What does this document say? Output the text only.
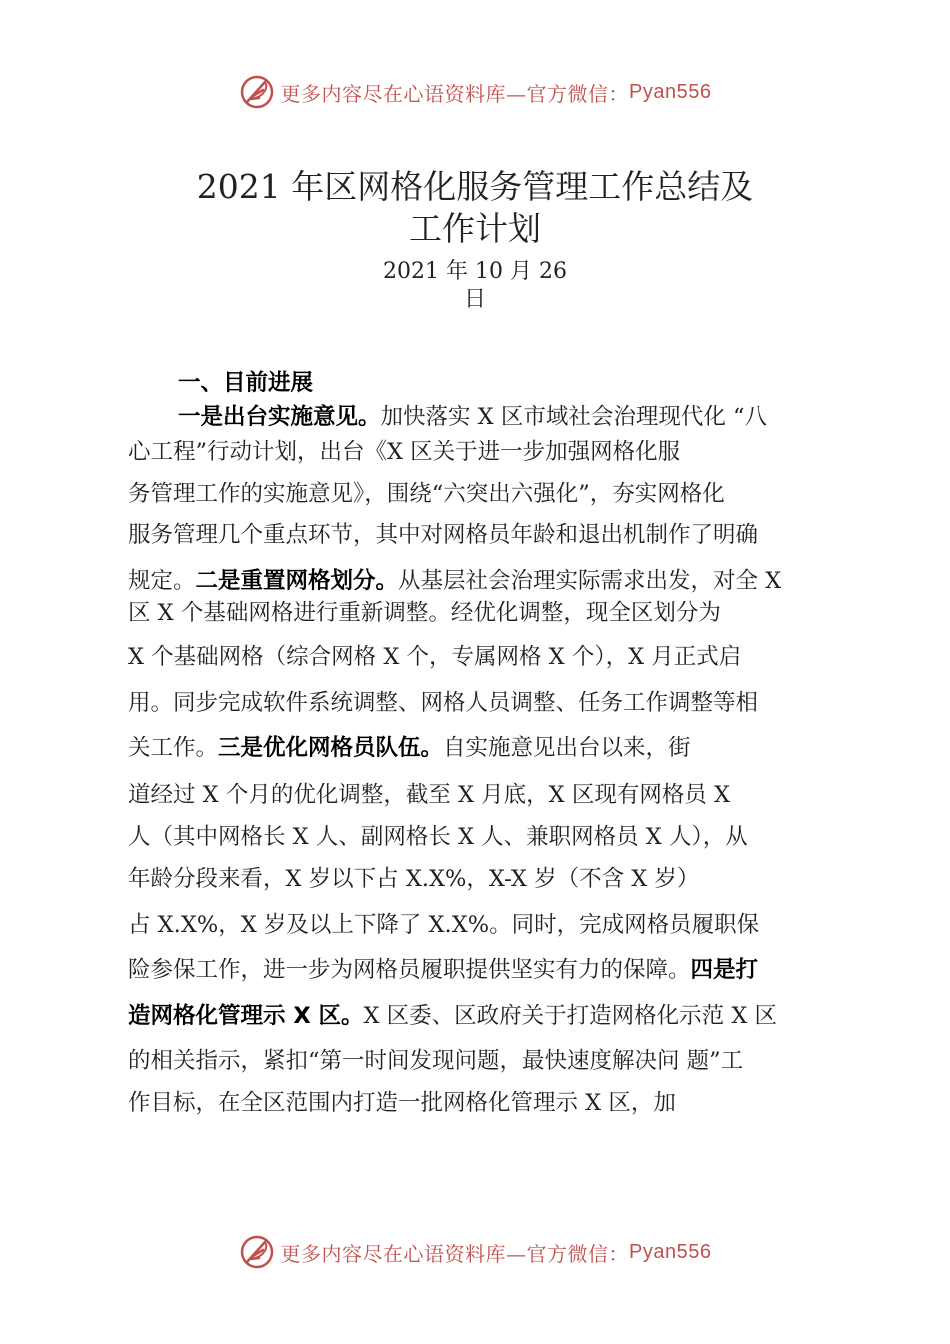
更多内容尽在心语资料库—官方微信： Pyan556
2021 年区网格化服务管理工作总结及
工作计划
2021 年 10 月 26
日
一、目前进展
一是出台实施意见。加快落实 X 区市域社会治理现代化 “八
心工程”行动计划，出台《X 区关于进一步加强网格化服
务管理工作的实施意见》，围绕“六突出六强化”，夯实网格化
服务管理几个重点环节，其中对网格员年龄和退出机制作了明确
规定。二是重置网格划分。从基层社会治理实际需求出发，对全 X
区 X 个基础网格进行重新调整。经优化调整，现全区划分为
X 个基础网格（综合网格 X 个，专属网格 X 个），X 月正式启
用。同步完成软件系统调整、网格人员调整、任务工作调整等相
关工作。三是优化网格员队伍。自实施意见出台以来，街
道经过 X 个月的优化调整，截至 X 月底，X 区现有网格员 X
人（其中网格长 X 人、副网格长 X 人、兼职网格员 X 人），从
年龄分段来看，X 岁以下占 X.X%，X-X 岁（不含 X 岁）
占 X.X%，X 岁及以上下降了 X.X%。同时，完成网格员履职保
险参保工作，进一步为网格员履职提供坚实有力的保障。四是打
造网格化管理示 X 区。X 区委、区政府关于打造网格化示范 X 区
的相关指示，紧扣“第一时间发现问题，最快速度解决问 题”工
作目标，在全区范围内打造一批网格化管理示 X 区，加
更多内容尽在心语资料库—官方微信： Pyan556
